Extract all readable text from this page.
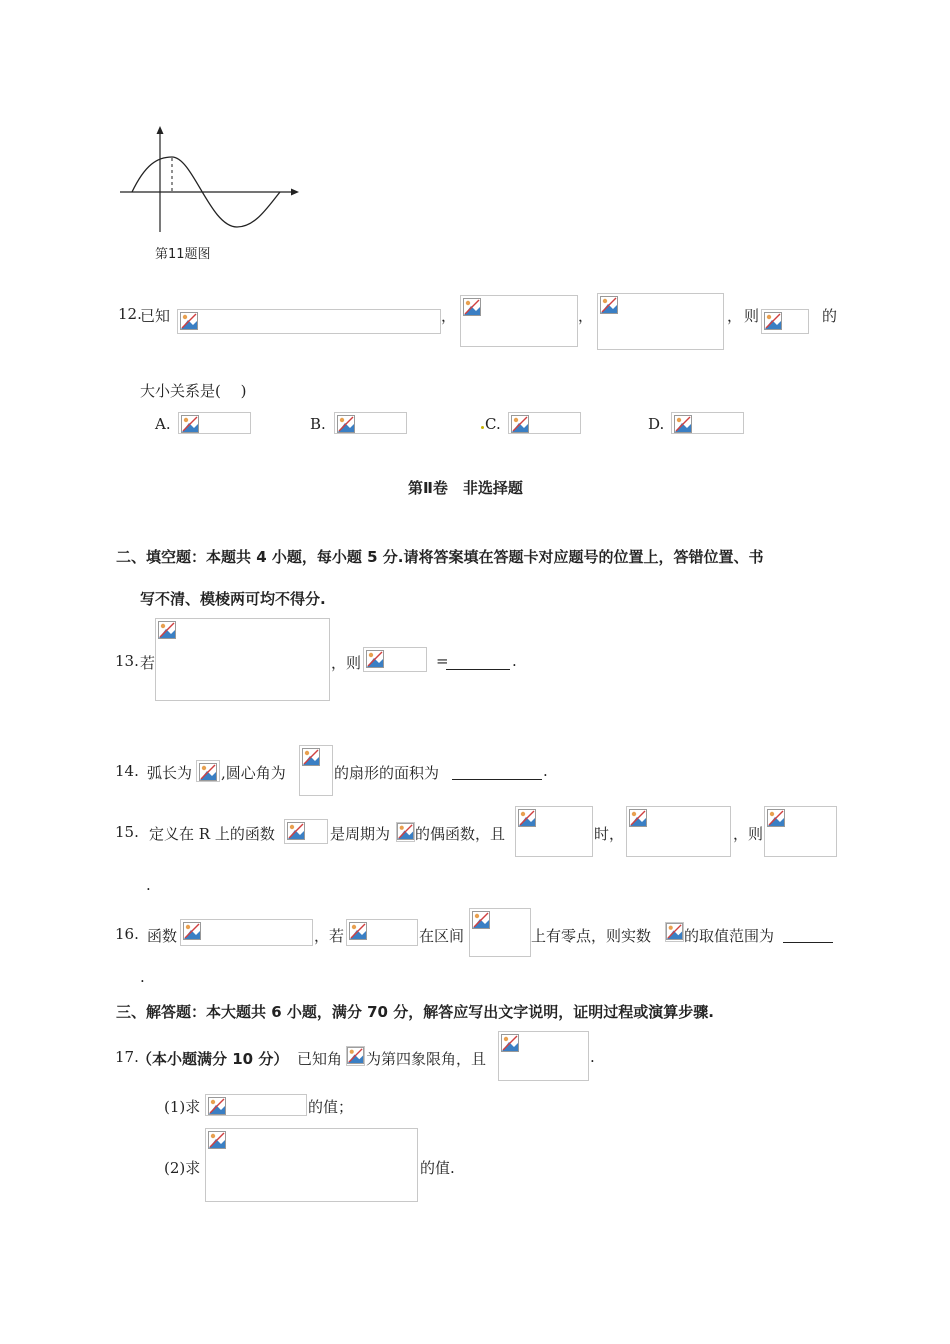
第11题图
12.
已知	，	，	， 则	的
大小关系是(　 )
A.	B.	C.	D.
第Ⅱ卷　非选择题
二、填空题：本题共 4 小题，每小题 5 分.请将答案填在答题卡对应题号的位置上，答错位置、书
写不清、模棱两可均不得分.
13. 若	，则	=	.
14. 弧长为 ,圆心角为	的扇形的面积为	.
15. 定义在 R 上的函数	是周期为 的偶函数，且	时，	，则
.
16. 函数	，若	在区间	上有零点，则实数 的取值范围为
.
三、解答题：本大题共 6 小题，满分 70 分，解答应写出文字说明，证明过程或演算步骤.
17.
（本小题满分 10 分） 已知角 为第四象限角，且	.
(1)求	的值；
(2)求	的值.
